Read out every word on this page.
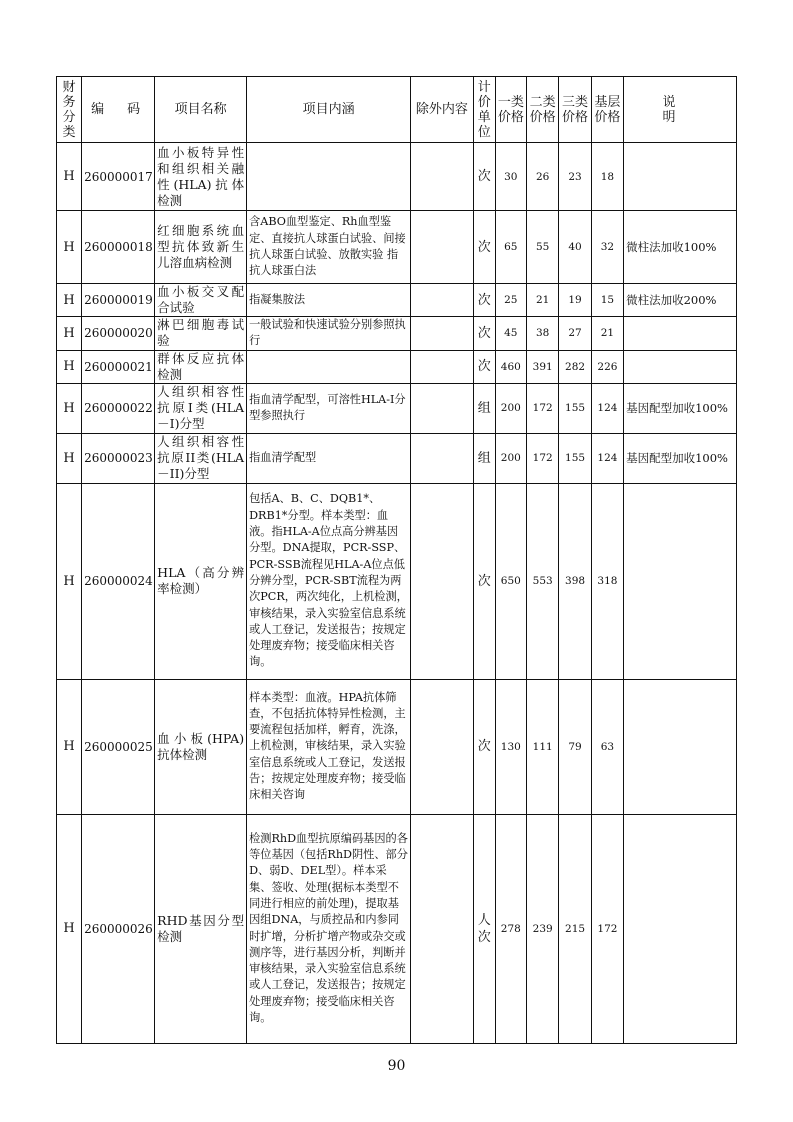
财务分类	编　码	项目名称	项目内涵	除外内容	计价单位	一类价格	二类价格	三类价格	基层价格	说　　明
H	260000017	血小板特异性和组织相关融性(HLA)抗体检测			次	30	26	23	18	
H	260000018	红细胞系统血型抗体致新生儿溶血病检测	含ABO血型鉴定、Rh血型鉴定、直接抗人球蛋白试验、间接抗人球蛋白试验、放散实验 指抗人球蛋白法		次	65	55	40	32	微柱法加收100%
H	260000019	血小板交叉配合试验	指凝集胺法		次	25	21	19	15	微柱法加收200%
H	260000020	淋巴细胞毒试验	一般试验和快速试验分别参照执行		次	45	38	27	21	
H	260000021	群体反应抗体检测			次	460	391	282	226	
H	260000022	人组织相容性抗原I类(HLA－I)分型	指血清学配型，可溶性HLA-I分型参照执行		组	200	172	155	124	基因配型加收100%
H	260000023	人组织相容性抗原II类(HLA－II)分型	指血清学配型		组	200	172	155	124	基因配型加收100%
H	260000024	HLA（高分辨率检测）	包括A、B、C、DQB1*、DRB1*分型。样本类型：血液。指HLA-A位点高分辨基因分型。DNA提取，PCR-SSP、PCR-SSB流程见HLA-A位点低分辨分型，PCR-SBT流程为两次PCR，两次纯化，上机检测，审核结果，录入实验室信息系统或人工登记，发送报告；按规定处理废弃物；接受临床相关咨询。		次	650	553	398	318	
H	260000025	血小板(HPA)抗体检测	样本类型：血液。HPA抗体筛查，不包括抗体特异性检测，主要流程包括加样，孵育，洗涤，上机检测，审核结果，录入实验室信息系统或人工登记，发送报告；按规定处理废弃物；接受临床相关咨询		次	130	111	79	63	
H	260000026	RHD基因分型检测	检测RhD血型抗原编码基因的各等位基因（包括RhD阴性、部分D、弱D、DEL型）。样本采集、签收、处理(据标本类型不同进行相应的前处理)，提取基因组DNA，与质控品和内参同时扩增，分析扩增产物或杂交或测序等，进行基因分析，判断并审核结果，录入实验室信息系统或人工登记，发送报告；按规定处理废弃物；接受临床相关咨询。		人次	278	239	215	172	
90
